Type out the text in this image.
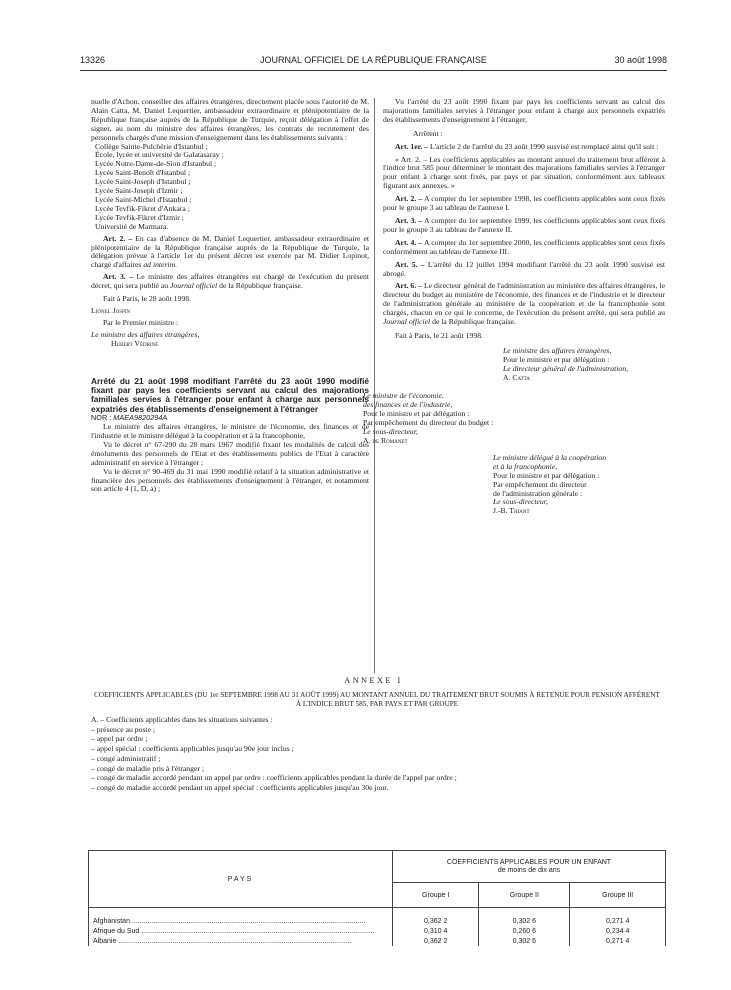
13326	JOURNAL OFFICIEL DE LA RÉPUBLIQUE FRANÇAISE	30 août 1998

nuelle d'Achon, conseiller des affaires étrangères, directement placée sous l'autorité de M. Alain Catta, M. Daniel Lequertier, ambassadeur extraordinaire et plénipotentiaire de la République française auprès de la République de Turquie, reçoit délégation à l'effet de signer, au nom du ministre des affaires étrangères, les contrats de recrutement des personnels chargés d'une mission d'enseignement dans les établissements suivants :

Collège Sainte-Pulchérie d'Istanbul ;

École, lycée et université de Galatasaray ;

Lycée Notre-Dame-de-Sion d'Istanbul ;

Lycée Saint-Benoît d'Istanbul ;

Lycée Saint-Joseph d'Istanbul ;

Lycée Saint-Joseph d'Izmir ;

Lycée Saint-Michel d'Istanbul ;

Lycée Tevfik-Fikret d'Ankara ;

Lycée Tevfik-Fikret d'Izmir ;

Université de Marmara.

Art. 2. – En cas d'absence de M. Daniel Lequertier, ambassadeur extraordinaire et plénipotentiaire de la République française auprès de la République de Turquie, la délégation prévue à l'article 1er du présent décret est exercée par M. Didier Lopinot, chargé d'affaires ad interim.

Art. 3. – Le ministre des affaires étrangères est chargé de l'exécution du présent décret, qui sera publié au Journal officiel de la République française.

Fait à Paris, le 28 août 1998.

Lionel Jospin

Par le Premier ministre :

Le ministre des affaires étrangères,

Hubert Védrine

Arrêté du 21 août 1998 modifiant l'arrêté du 23 août 1990 modifié fixant par pays les coefficients servant au calcul des majorations familiales servies à l'étranger pour enfant à charge aux personnels expatriés des établissements d'enseignement à l'étranger

NOR : MAEA9820294A

Le ministre des affaires étrangères, le ministre de l'économie, des finances et de l'industrie et le ministre délégué à la coopération et à la francophonie,

Vu le décret n° 67-290 du 28 mars 1967 modifié fixant les modalités de calcul des émoluments des personnels de l'Etat et des établissements publics de l'Etat à caractère administratif en service à l'étranger ;

Vu le décret n° 90-469 du 31 mai 1990 modifié relatif à la situation administrative et financière des personnels des établissements d'enseignement à l'étranger, et notamment son article 4 (1, D, a) ;

Vu l'arrêté du 23 août 1990 fixant par pays les coefficients servant au calcul des majorations familiales servies à l'étranger pour enfant à charge aux personnels expatriés des établissements d'enseignement à l'étranger,

Arrêtent :

Art. 1er. – L'article 2 de l'arrêté du 23 août 1990 susvisé est remplacé ainsi qu'il suit :

« Art. 2. – Les coefficients applicables au montant annuel du traitement brut afférent à l'indice brut 585 pour déterminer le montant des majorations familiales servies à l'étranger pour enfant à charge sont fixés, par pays et par situation, conformément aux tableaux figurant aux annexes. »

Art. 2. – A compter du 1er septembre 1998, les coefficients applicables sont ceux fixés pour le groupe 3 au tableau de l'annexe I.

Art. 3. – A compter du 1er septembre 1999, les coefficients applicables sont ceux fixés pour le groupe 3 au tableau de l'annexe II.

Art. 4. – A compter du 1er septembre 2000, les coefficients applicables sont ceux fixés conformément au tableau de l'annexe III.

Art. 5. – L'arrêté du 12 juillet 1994 modifiant l'arrêté du 23 août 1990 susvisé est abrogé.

Art. 6. – Le directeur général de l'administration au ministère des affaires étrangères, le directeur du budget au ministère de l'économie, des finances et de l'industrie et le directeur de l'administration générale au ministère de la coopération et de la francophonie sont chargés, chacun en ce qui le concerne, de l'exécution du présent arrêté, qui sera publié au Journal officiel de la République française.

Fait à Paris, le 21 août 1998.

Le ministre des affaires étrangères,

Pour le ministre et par délégation :

Le directeur général de l'administration,

A. Catta

Le ministre de l'économie,

des finances et de l'industrie,

Pour le ministre et par délégation :

Par empêchement du directeur du budget :

Le sous-directeur,

A. de Romanet

Le ministre délégué à la coopération

et à la francophonie,

Pour le ministre et par délégation :

Par empêchement du directeur

de l'administration générale :

Le sous-directeur,

J.-B. Thiant

ANNEXE I
COEFFICIENTS APPLICABLES (DU 1er SEPTEMBRE 1998 AU 31 AOÛT 1999) AU MONTANT ANNUEL DU TRAITEMENT BRUT SOUMIS À RETENUE POUR PENSION AFFÉRENT À L'INDICE BRUT 585, PAR PAYS ET PAR GROUPE

A. – Coefficients applicables dans les situations suivantes :

– présence au poste ;

– appel par ordre ;

– appel spécial : coefficients applicables jusqu'au 90e jour inclus ;

– congé administratif ;

– congé de maladie pris à l'étranger ;

– congé de maladie accordé pendant un appel par ordre : coefficients applicables pendant la durée de l'appel par ordre ;

– congé de maladie accordé pendant un appel spécial : coefficients applicables jusqu'au 30e jour.

PAYS	COEFFICIENTS APPLICABLES POUR UN ENFANT
de moins de dix ans		

	Groupe I	Groupe II	Groupe III
Afghanistan ........................................................................................................................	0,362 2	0,302 6	0,271 4
Afrique du Sud ........................................................................................................................	0,310 4	0,260 6	0,234 4
Albanie ........................................................................................................................	0,362 2	0,302 6	0,271 4
